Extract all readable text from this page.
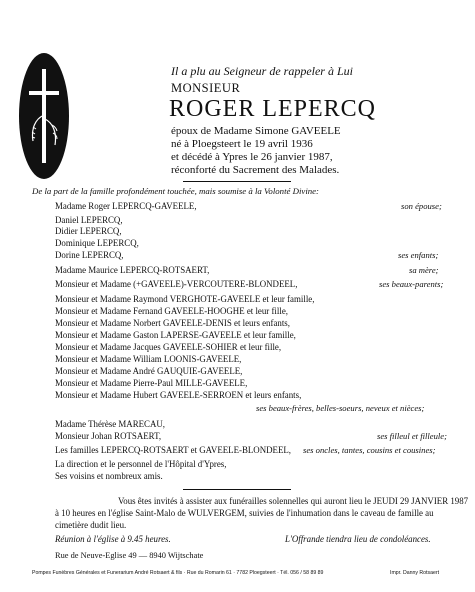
Il a plu au Seigneur de rappeler à Lui
MONSIEUR
ROGER LEPERCQ
époux de Madame Simone GAVEELE
né à Ploegsteert le 19 avril 1936
et décédé à Ypres le 26 janvier 1987,
réconforté du Sacrement des Malades.
De la part de la famille profondément touchée, mais soumise à la Volonté Divine:
Madame Roger LEPERCQ-GAVEELE,	son épouse;
Daniel LEPERCQ,
Didier LEPERCQ,
Dominique LEPERCQ,
Dorine LEPERCQ,	ses enfants;
Madame Maurice LEPERCQ-ROTSAERT,	sa mère;
Monsieur et Madame (+GAVEELE)-VERCOUTERE-BLONDEEL,	ses beaux-parents;
Monsieur et Madame Raymond VERGHOTE-GAVEELE et leur famille,
Monsieur et Madame Fernand GAVEELE-HOOGHE et leur fille,
Monsieur et Madame Norbert GAVEELE-DENIS et leurs enfants,
Monsieur et Madame Gaston LAPERSE-GAVEELE et leur famille,
Monsieur et Madame Jacques GAVEELE-SOHIER et leur fille,
Monsieur et Madame William LOONIS-GAVEELE,
Monsieur et Madame André GAUQUIE-GAVEELE,
Monsieur et Madame Pierre-Paul MILLE-GAVEELE,
Monsieur et Madame Hubert GAVEELE-SERROEN et leurs enfants,
ses beaux-frères, belles-soeurs, neveux et nièces;
Madame Thérèse MARECAU,
Monsieur Johan ROTSAERT,	ses filleul et filleule;
Les familles LEPERCQ-ROTSAERT et GAVEELE-BLONDEEL, ses oncles, tantes, cousins et cousines;
La direction et le personnel de l'Hôpital d'Ypres,
Ses voisins et nombreux amis.
Vous êtes invités à assister aux funérailles solennelles qui auront lieu le JEUDI 29 JANVIER 1987
à 10 heures en l'église Saint-Malo de WULVERGEM, suivies de l'inhumation dans le caveau de famille au
cimetière dudit lieu.
Réunion à l'église à 9.45 heures.	L'Offrande tiendra lieu de condoléances.
Rue de Neuve-Eglise 49 — 8940 Wijtschate
Pompes Funèbres Générales et Funerarium André Rotsaert & fils · Rue du Romarin 61 · 7782 Ploegsteert · Tél. 056 / 58 89 89	Impr. Danny Rotsaert
